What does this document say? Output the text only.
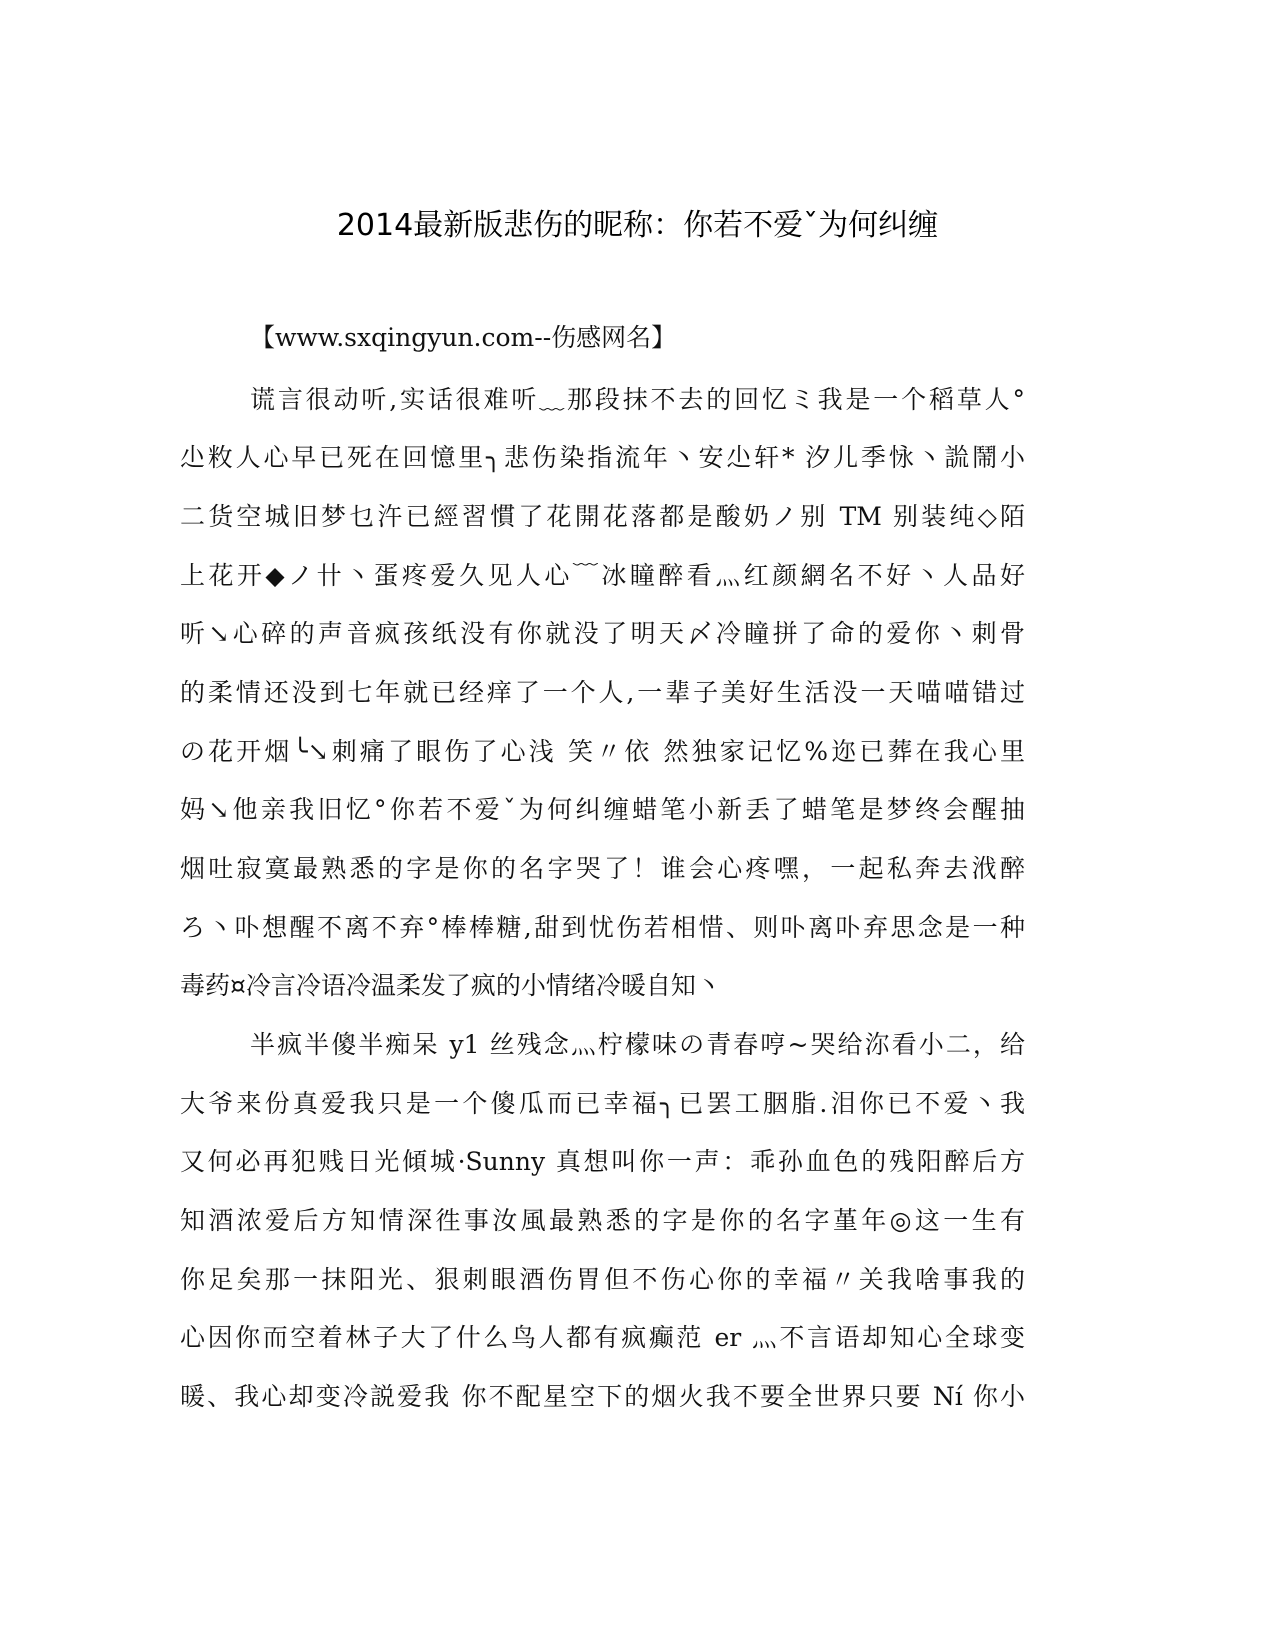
2014最新版悲伤的昵称：你若不爱ˇ为何纠缠
【www.sxqingyun.com--伤感网名】
谎言很动听,实话很难听﹏那段抹不去的回忆ミ我是一个稻草人°
尐敉人心早已死在回憶里╮悲伤染指流年丶安尐轩* 汐儿季怺丶詤鬧小
二货空城旧梦乜汻已經習慣了花開花落都是酸奶ノ别 TM 别装纯◇陌
上花开◆ノ卄丶蛋疼爱久见人心﹋冰瞳醉看灬红颜網名不好丶人品好
听↘心碎的声音疯孩纸没有你就没了明天〆冷瞳拼了命的爱你丶刺骨
的柔情还没到七年就已经痒了一个人,一辈子美好生活没一天喵喵错过
の花开烟╰↘刺痛了眼伤了心浅 笑〃依 然独家记忆%迩已葬在我心里
妈↘他亲我旧忆°你若不爱ˇ为何纠缠蜡笔小新丢了蜡笔是梦终会醒抽
烟吐寂寞最熟悉的字是你的名字哭了！谁会心疼嘿，一起私奔去浌醉
ろ丶卟想醒不离不弃°棒棒糖,甜到忧伤若相惜、则卟离卟弃思念是一种
毒药¤冷言冷语冷温柔发了疯的小情绪冷暖自知丶
半疯半傻半痴呆 y1 丝残念灬柠檬味の青春哼~哭给沵看小二，给
大爷来份真爱我只是一个傻瓜而已幸福╮已罢工胭脂.泪你已不爱丶我
又何必再犯贱日光傾城·Sunny 真想叫你一声：乖孙血色的残阳醉后方
知酒浓爱后方知情深徃事汝風最熟悉的字是你的名字堇年◎这一生有
你足矣那一抹阳光、狠刺眼酒伤胃但不伤心你的幸福〃关我啥事我的
心因你而空着林子大了什么鸟人都有疯癫范 er 灬不言语却知心全球变
暖、我心却变冷説爱我 你不配星空下的烟火我不要全世界只要 Ní 你小
